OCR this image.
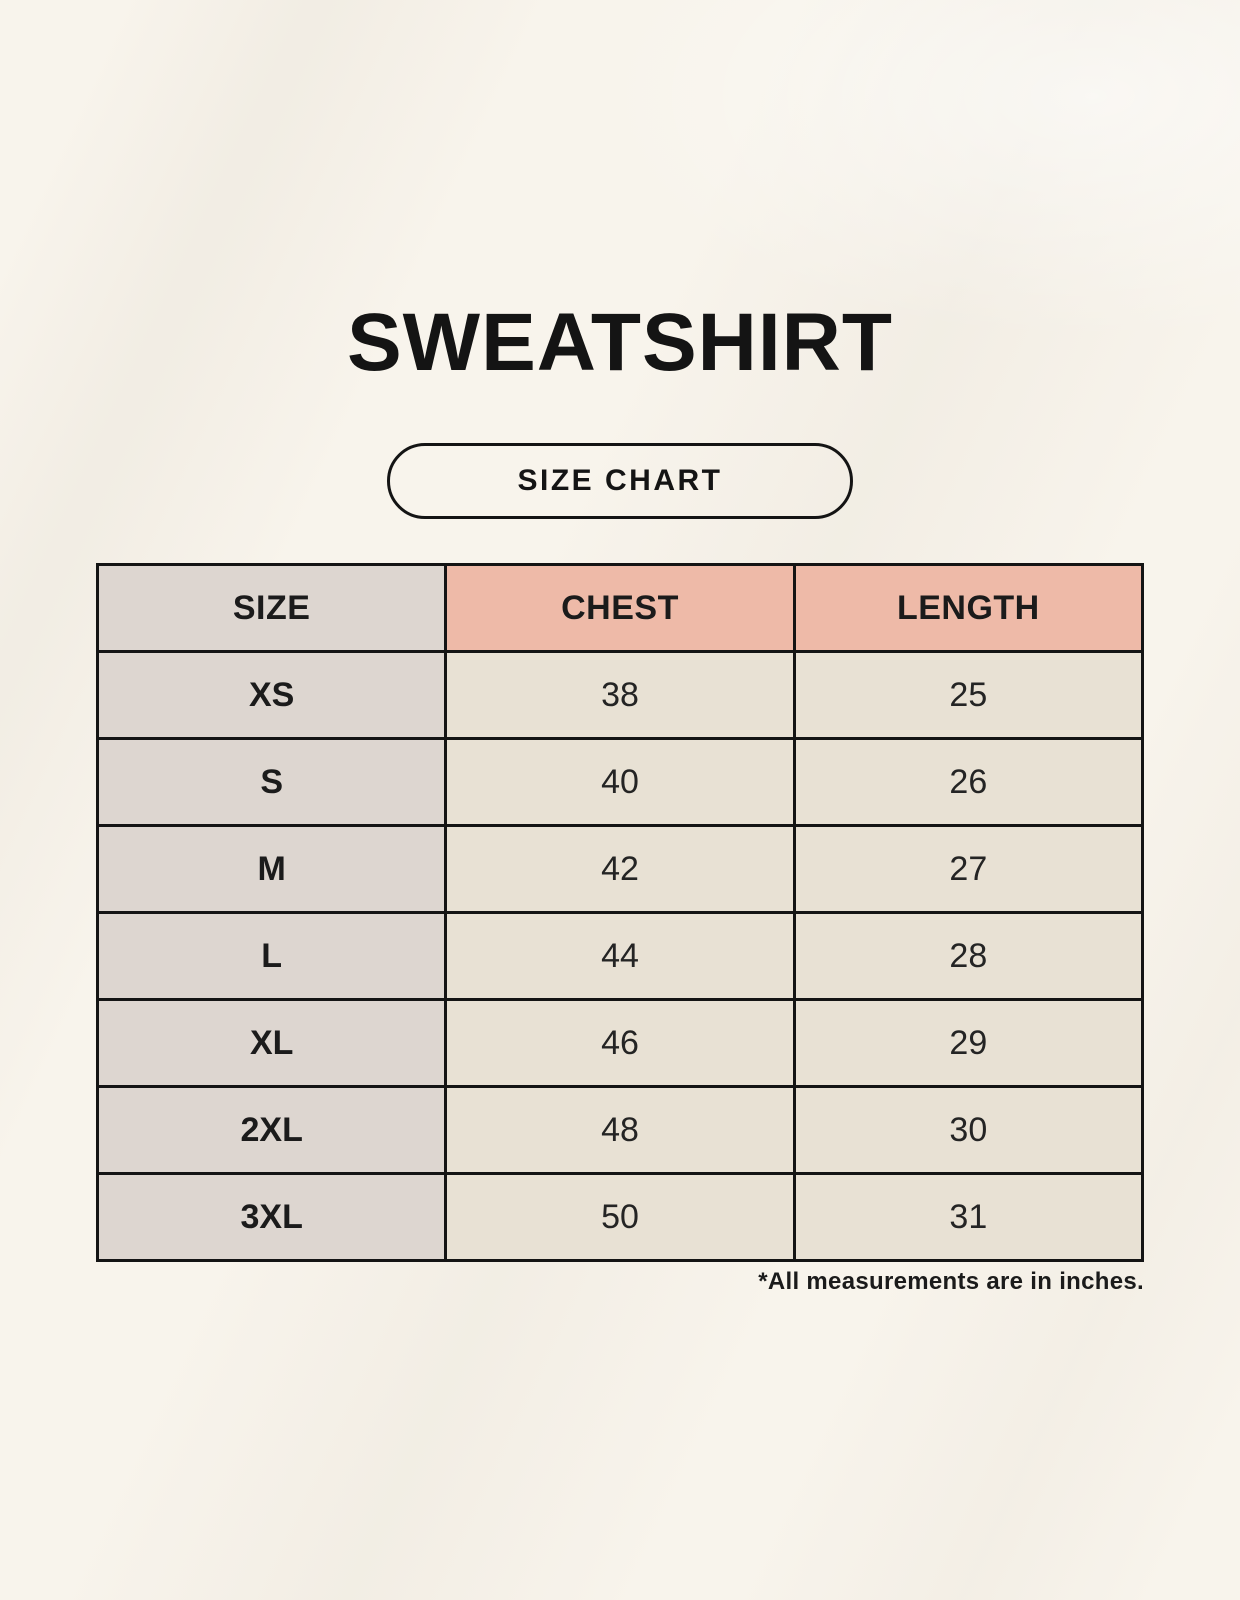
SWEATSHIRT
SIZE CHART
SIZE	CHEST	LENGTH
XS	38	25
S	40	26
M	42	27
L	44	28
XL	46	29
2XL	48	30
3XL	50	31
*All measurements are in inches.
